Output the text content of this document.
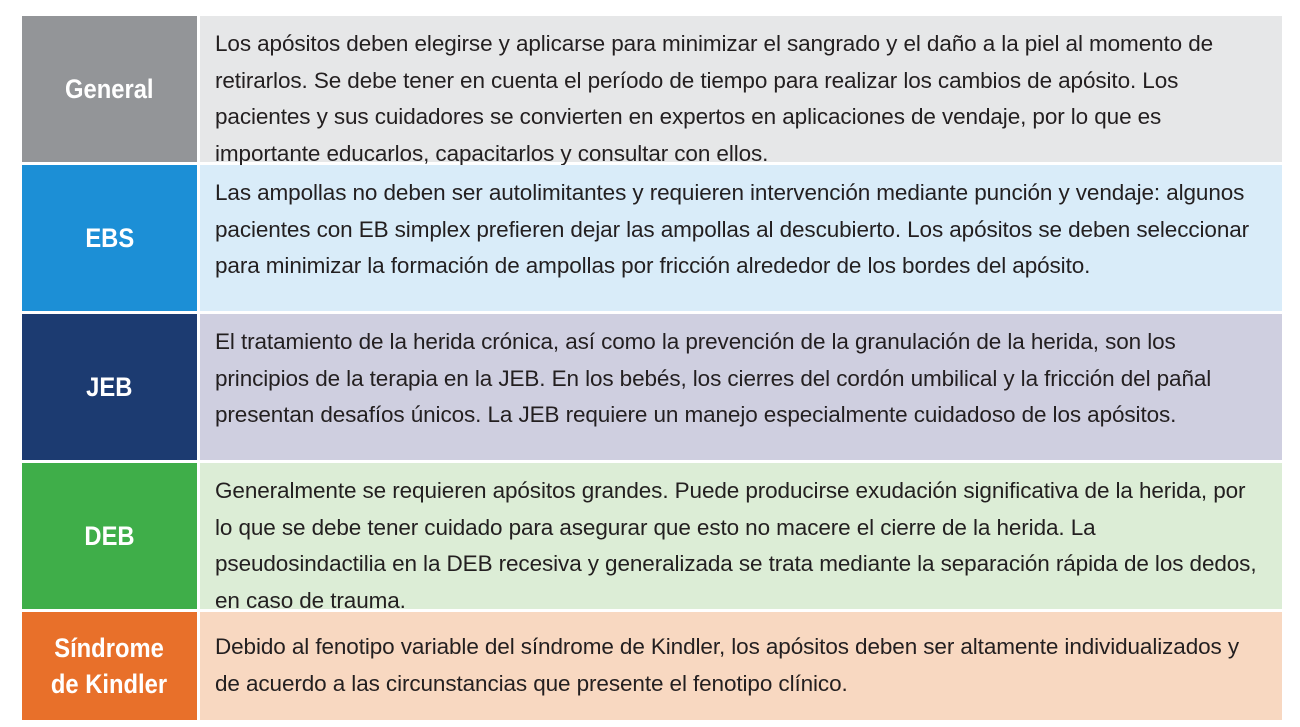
General
Los apósitos deben elegirse y aplicarse para minimizar el sangrado y el daño a la piel al momento de retirarlos. Se debe tener en cuenta el período de tiempo para realizar los cambios de apósito. Los pacientes y sus cuidadores se convierten en expertos en aplicaciones de vendaje, por lo que es importante educarlos, capacitarlos y consultar con ellos.
EBS
Las ampollas no deben ser autolimitantes y requieren intervención mediante punción y vendaje: algunos pacientes con EB simplex prefieren dejar las ampollas al descubierto. Los apósitos se deben seleccionar para minimizar la formación de ampollas por fricción alrededor de los bordes del apósito.
JEB
El tratamiento de la herida crónica, así como la prevención de la granulación de la herida, son los principios de la terapia en la JEB. En los bebés, los cierres del cordón umbilical y la fricción del pañal presentan desafíos únicos. La JEB requiere un manejo especialmente cuidadoso de los apósitos.
DEB
Generalmente se requieren apósitos grandes. Puede producirse exudación significativa de la herida, por lo que se debe tener cuidado para asegurar que esto no macere el cierre de la herida. La pseudosindactilia en la DEB recesiva y generalizada se trata mediante la separación rápida de los dedos, en caso de trauma.
Síndrome
de Kindler
Debido al fenotipo variable del síndrome de Kindler, los apósitos deben ser altamente individualizados y de acuerdo a las circunstancias que presente el fenotipo clínico.
